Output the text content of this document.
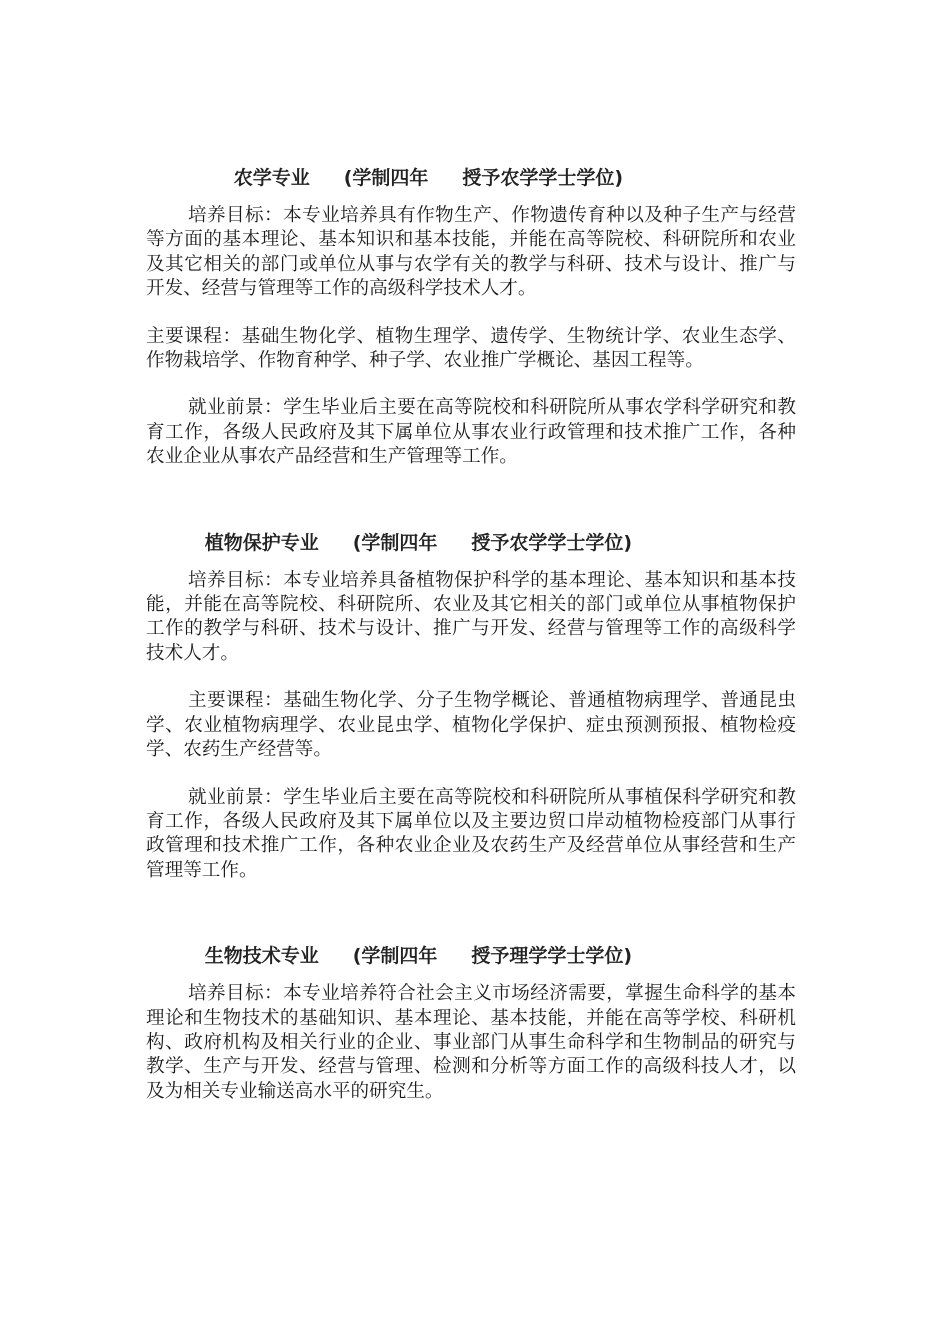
农学专业 (学制四年 授予农学学士学位)

培养目标：本专业培养具有作物生产、作物遗传育种以及种子生产与经营等方面的基本理论、基本知识和基本技能，并能在高等院校、科研院所和农业及其它相关的部门或单位从事与农学有关的教学与科研、技术与设计、推广与开发、经营与管理等工作的高级科学技术人才。

主要课程：基础生物化学、植物生理学、遗传学、生物统计学、农业生态学、作物栽培学、作物育种学、种子学、农业推广学概论、基因工程等。

就业前景：学生毕业后主要在高等院校和科研院所从事农学科学研究和教育工作，各级人民政府及其下属单位从事农业行政管理和技术推广工作，各种农业企业从事农产品经营和生产管理等工作。

植物保护专业 (学制四年 授予农学学士学位)

培养目标：本专业培养具备植物保护科学的基本理论、基本知识和基本技能，并能在高等院校、科研院所、农业及其它相关的部门或单位从事植物保护工作的教学与科研、技术与设计、推广与开发、经营与管理等工作的高级科学技术人才。

主要课程：基础生物化学、分子生物学概论、普通植物病理学、普通昆虫学、农业植物病理学、农业昆虫学、植物化学保护、症虫预测预报、植物检疫学、农药生产经营等。

就业前景：学生毕业后主要在高等院校和科研院所从事植保科学研究和教育工作，各级人民政府及其下属单位以及主要边贸口岸动植物检疫部门从事行政管理和技术推广工作，各种农业企业及农药生产及经营单位从事经营和生产管理等工作。

生物技术专业 (学制四年 授予理学学士学位)

培养目标：本专业培养符合社会主义市场经济需要，掌握生命科学的基本理论和生物技术的基础知识、基本理论、基本技能，并能在高等学校、科研机构、政府机构及相关行业的企业、事业部门从事生命科学和生物制品的研究与教学、生产与开发、经营与管理、检测和分析等方面工作的高级科技人才，以及为相关专业输送高水平的研究生。
